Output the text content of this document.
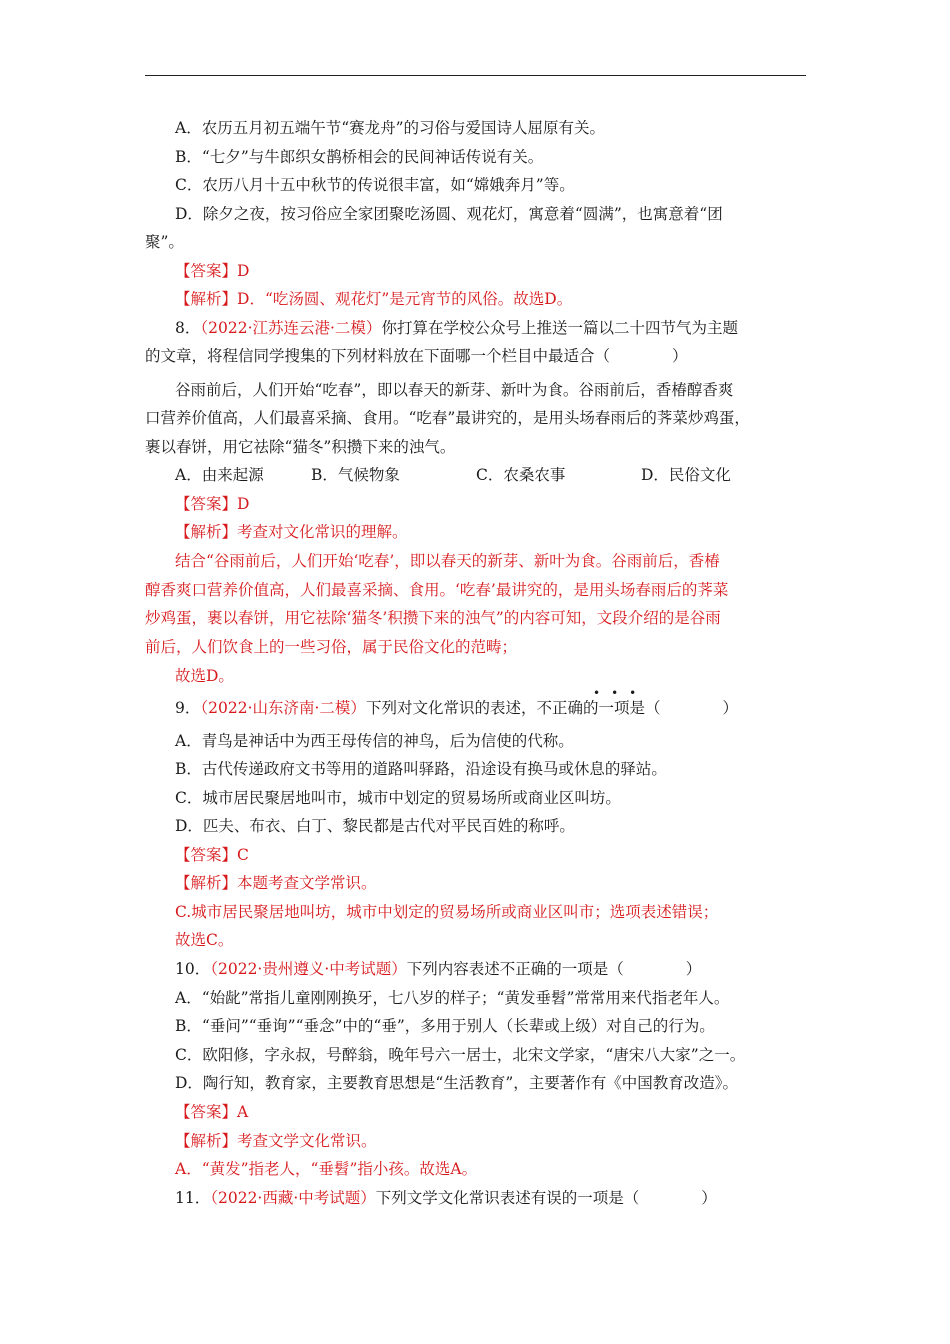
A．农历五月初五端午节“赛龙舟”的习俗与爱国诗人屈原有关。
B．“七夕”与牛郎织女鹊桥相会的民间神话传说有关。
C．农历八月十五中秋节的传说很丰富，如“嫦娥奔月”等。
D．除夕之夜，按习俗应全家团聚吃汤圆、观花灯，寓意着“圆满”，也寓意着“团
聚”。
【答案】D
【解析】D．“吃汤圆、观花灯”是元宵节的风俗。故选D。
8．（2022·江苏连云港·二模）你打算在学校公众号上推送一篇以二十四节气为主题
的文章，将程信同学搜集的下列材料放在下面哪一个栏目中最适合（　　　　）
谷雨前后，人们开始“吃春”，即以春天的新芽、新叶为食。谷雨前后，香椿醇香爽
口营养价值高，人们最喜采摘、食用。“吃春”最讲究的，是用头场春雨后的荠菜炒鸡蛋，
裹以春饼，用它祛除“猫冬”积攒下来的浊气。
A．由来起源	B．气候物象	C．农桑农事	D．民俗文化
【答案】D
【解析】考查对文化常识的理解。
结合“谷雨前后，人们开始‘吃春’，即以春天的新芽、新叶为食。谷雨前后，香椿
醇香爽口营养价值高，人们最喜采摘、食用。‘吃春’最讲究的，是用头场春雨后的荠菜
炒鸡蛋，裹以春饼，用它祛除‘猫冬’积攒下来的浊气”的内容可知，文段介绍的是谷雨
前后，人们饮食上的一些习俗，属于民俗文化的范畴；
故选D。
•••
9．（2022·山东济南·二模）下列对文化常识的表述，不正确的一项是（　　　　）
A．青鸟是神话中为西王母传信的神鸟，后为信使的代称。
B．古代传递政府文书等用的道路叫驿路，沿途设有换马或休息的驿站。
C．城市居民聚居地叫市，城市中划定的贸易场所或商业区叫坊。
D．匹夫、布衣、白丁、黎民都是古代对平民百姓的称呼。
【答案】C
【解析】本题考查文学常识。
C.城市居民聚居地叫坊，城市中划定的贸易场所或商业区叫市；选项表述错误；
故选C。
10．（2022·贵州遵义·中考试题）下列内容表述不正确的一项是（　　　　）
A．“始龀”常指儿童刚刚换牙，七八岁的样子；“黄发垂髫”常常用来代指老年人。
B．“垂问”“垂询”“垂念”中的“垂”，多用于别人（长辈或上级）对自己的行为。
C．欧阳修，字永叔，号醉翁，晚年号六一居士，北宋文学家，“唐宋八大家”之一。
D．陶行知，教育家，主要教育思想是“生活教育”，主要著作有《中国教育改造》。
【答案】A
【解析】考查文学文化常识。
A．“黄发”指老人，“垂髫”指小孩。故选A。
11．（2022·西藏·中考试题）下列文学文化常识表述有误的一项是（　　　　）
